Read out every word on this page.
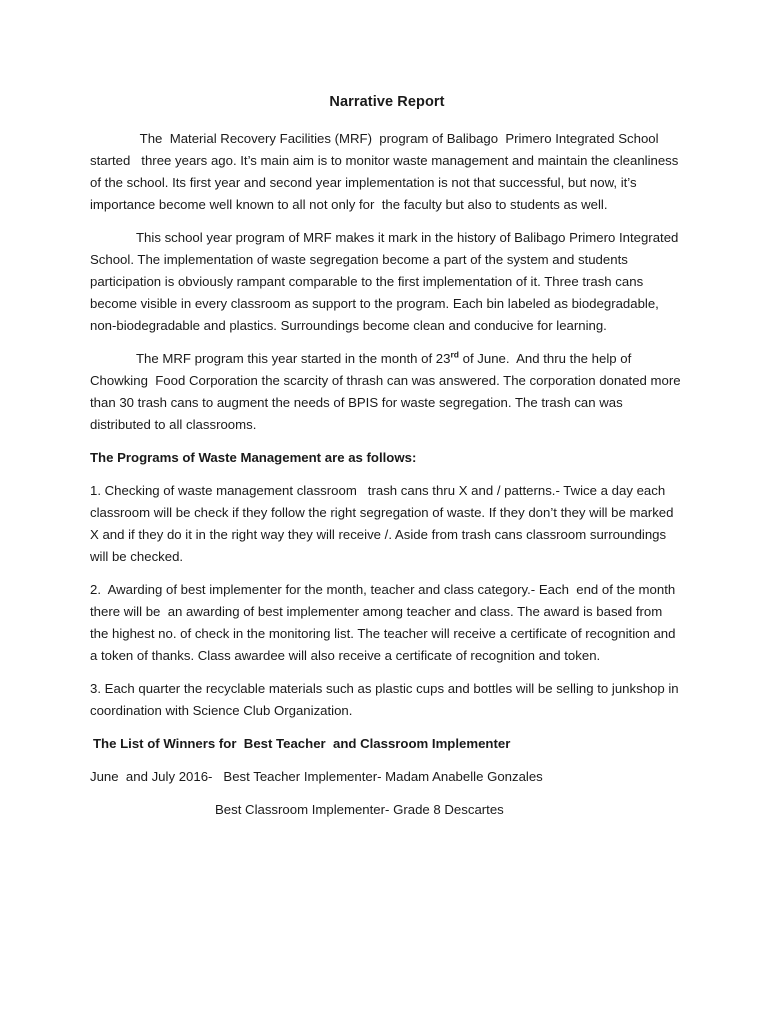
Narrative Report

The  Material Recovery Facilities (MRF)  program of Balibago  Primero Integrated School started   three years ago. It’s main aim is to monitor waste management and maintain the cleanliness of the school. Its first year and second year implementation is not that successful, but now, it’s importance become well known to all not only for  the faculty but also to students as well.

This school year program of MRF makes it mark in the history of Balibago Primero Integrated School. The implementation of waste segregation become a part of the system and students participation is obviously rampant comparable to the first implementation of it. Three trash cans become visible in every classroom as support to the program. Each bin labeled as biodegradable, non-biodegradable and plastics. Surroundings become clean and conducive for learning.

The MRF program this year started in the month of 23rd of June.  And thru the help of Chowking  Food Corporation the scarcity of thrash can was answered. The corporation donated more than 30 trash cans to augment the needs of BPIS for waste segregation. The trash can was distributed to all classrooms.

The Programs of Waste Management are as follows:

1. Checking of waste management classroom   trash cans thru X and / patterns.- Twice a day each classroom will be check if they follow the right segregation of waste. If they don’t they will be marked X and if they do it in the right way they will receive /. Aside from trash cans classroom surroundings will be checked.

2.  Awarding of best implementer for the month, teacher and class category.- Each  end of the month there will be  an awarding of best implementer among teacher and class. The award is based from the highest no. of check in the monitoring list. The teacher will receive a certificate of recognition and a token of thanks. Class awardee will also receive a certificate of recognition and token.

3. Each quarter the recyclable materials such as plastic cups and bottles will be selling to junkshop in coordination with Science Club Organization.

The List of Winners for  Best Teacher  and Classroom Implementer

June  and July 2016-   Best Teacher Implementer- Madam Anabelle Gonzales

Best Classroom Implementer- Grade 8 Descartes
